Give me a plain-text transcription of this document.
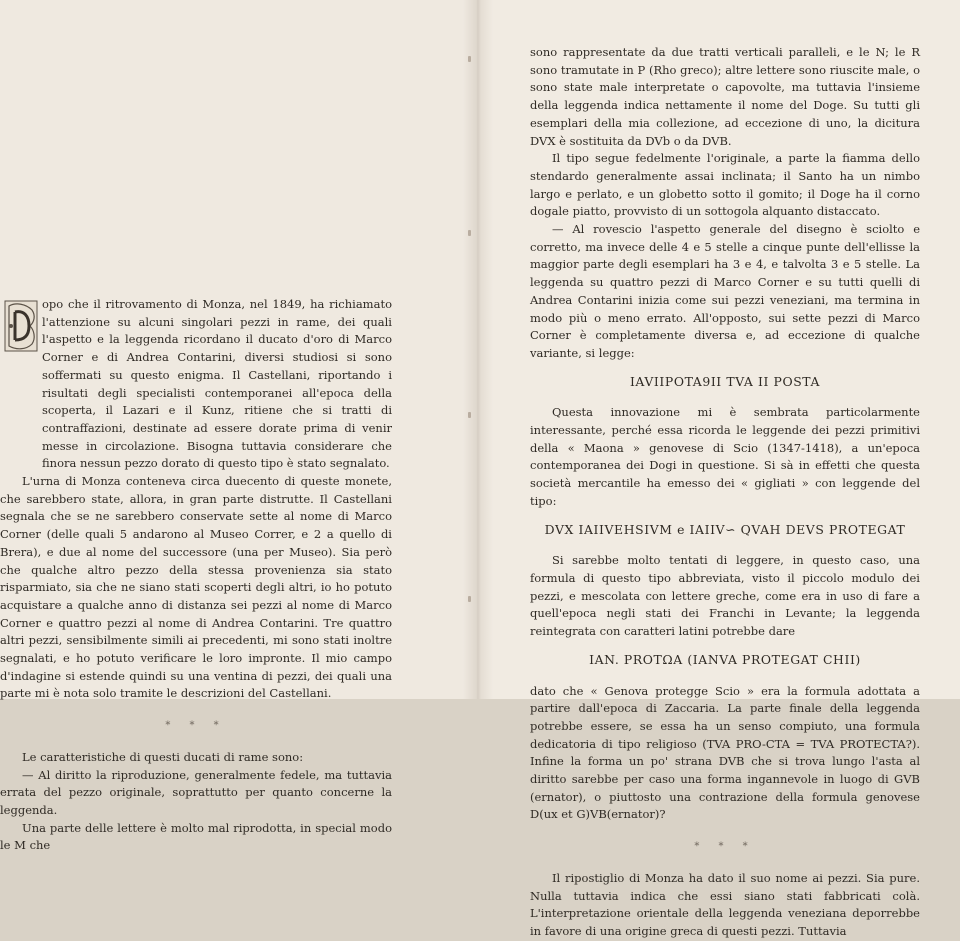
opo che il ritrovamento di Monza, nel 1849, ha richiamato l'attenzione su alcuni singolari pezzi in rame, dei quali l'aspetto e la leggenda ricordano il ducato d'oro di Marco Corner e di Andrea Contarini, diversi studiosi si sono soffermati su questo enigma. Il Castellani, riportando i risultati degli specialisti contemporanei all'epoca della scoperta, il Lazari e il Kunz, ritiene che si tratti di contraffazioni, destinate ad essere dorate prima di venir messe in circolazione. Bisogna tuttavia considerare che finora nessun pezzo dorato di questo tipo è stato segnalato.

L'urna di Monza conteneva circa duecento di queste monete, che sarebbero state, allora, in gran parte distrutte. Il Castellani segnala che se ne sarebbero conservate sette al nome di Marco Corner (delle quali 5 andarono al Museo Correr, e 2 a quello di Brera), e due al nome del successore (una per Museo). Sia però che qualche altro pezzo della stessa provenienza sia stato risparmiato, sia che ne siano stati scoperti degli altri, io ho potuto acquistare a qualche anno di distanza sei pezzi al nome di Marco Corner e quattro pezzi al nome di Andrea Contarini. Tre quattro altri pezzi, sensibilmente simili ai precedenti, mi sono stati inoltre segnalati, e ho potuto verificare le loro impronte. Il mio campo d'indagine si estende quindi su una ventina di pezzi, dei quali una parte mi è nota solo tramite le descrizioni del Castellani.

* * *

Le caratteristiche di questi ducati di rame sono:

— Al diritto la riproduzione, generalmente fedele, ma tuttavia errata del pezzo originale, soprattutto per quanto concerne la leggenda.

Una parte delle lettere è molto mal riprodotta, in special modo le M che

sono rappresentate da due tratti verticali paralleli, e le N; le R sono tramutate in P (Rho greco); altre lettere sono riuscite male, o sono state male interpretate o capovolte, ma tuttavia l'insieme della leggenda indica nettamente il nome del Doge. Su tutti gli esemplari della mia collezione, ad eccezione di uno, la dicitura DVX è sostituita da DVb o da DVB.

Il tipo segue fedelmente l'originale, a parte la fiamma dello stendardo generalmente assai inclinata; il Santo ha un nimbo largo e perlato, e un globetto sotto il gomito; il Doge ha il corno dogale piatto, provvisto di un sottogola alquanto distaccato.

— Al rovescio l'aspetto generale del disegno è sciolto e corretto, ma invece delle 4 e 5 stelle a cinque punte dell'ellisse la maggior parte degli esemplari ha 3 e 4, e talvolta 3 e 5 stelle. La leggenda su quattro pezzi di Marco Corner e su tutti quelli di Andrea Contarini inizia come sui pezzi veneziani, ma termina in modo più o meno errato. All'opposto, sui sette pezzi di Marco Corner è completamente diversa e, ad eccezione di qualche variante, si legge:

IAVIIPOTA9II TVA II POSTA

Questa innovazione mi è sembrata particolarmente interessante, perché essa ricorda le leggende dei pezzi primitivi della « Maona » genovese di Scio (1347-1418), a un'epoca contemporanea dei Dogi in questione. Si sà in effetti che questa società mercantile ha emesso dei « gigliati » con leggende del tipo:

DVX IAIIVEHSIVM e IAIIV∽ QVAH DEVS PROTEGAT

Si sarebbe molto tentati di leggere, in questo caso, una formula di questo tipo abbreviata, visto il piccolo modulo dei pezzi, e mescolata con lettere greche, come era in uso di fare a quell'epoca negli stati dei Franchi in Levante; la leggenda reintegrata con caratteri latini potrebbe dare

IAN. PROTΩA (IANVA PROTEGAT CHII)

dato che « Genova protegge Scio » era la formula adottata a partire dall'epoca di Zaccaria. La parte finale della leggenda potrebbe essere, se essa ha un senso compiuto, una formula dedicatoria di tipo religioso (TVA PRO-CTA = TVA PROTECTA?). Infine la forma un po' strana DVB che si trova lungo l'asta al diritto sarebbe per caso una forma ingannevole in luogo di GVB (ernator), o piuttosto una contrazione della formula genovese D(ux et G)VB(ernator)?

* * *

Il ripostiglio di Monza ha dato il suo nome ai pezzi. Sia pure. Nulla tuttavia indica che essi siano stati fabbricati colà. L'interpretazione orientale della leggenda veneziana deporrebbe in favore di una origine greca di questi pezzi. Tuttavia
